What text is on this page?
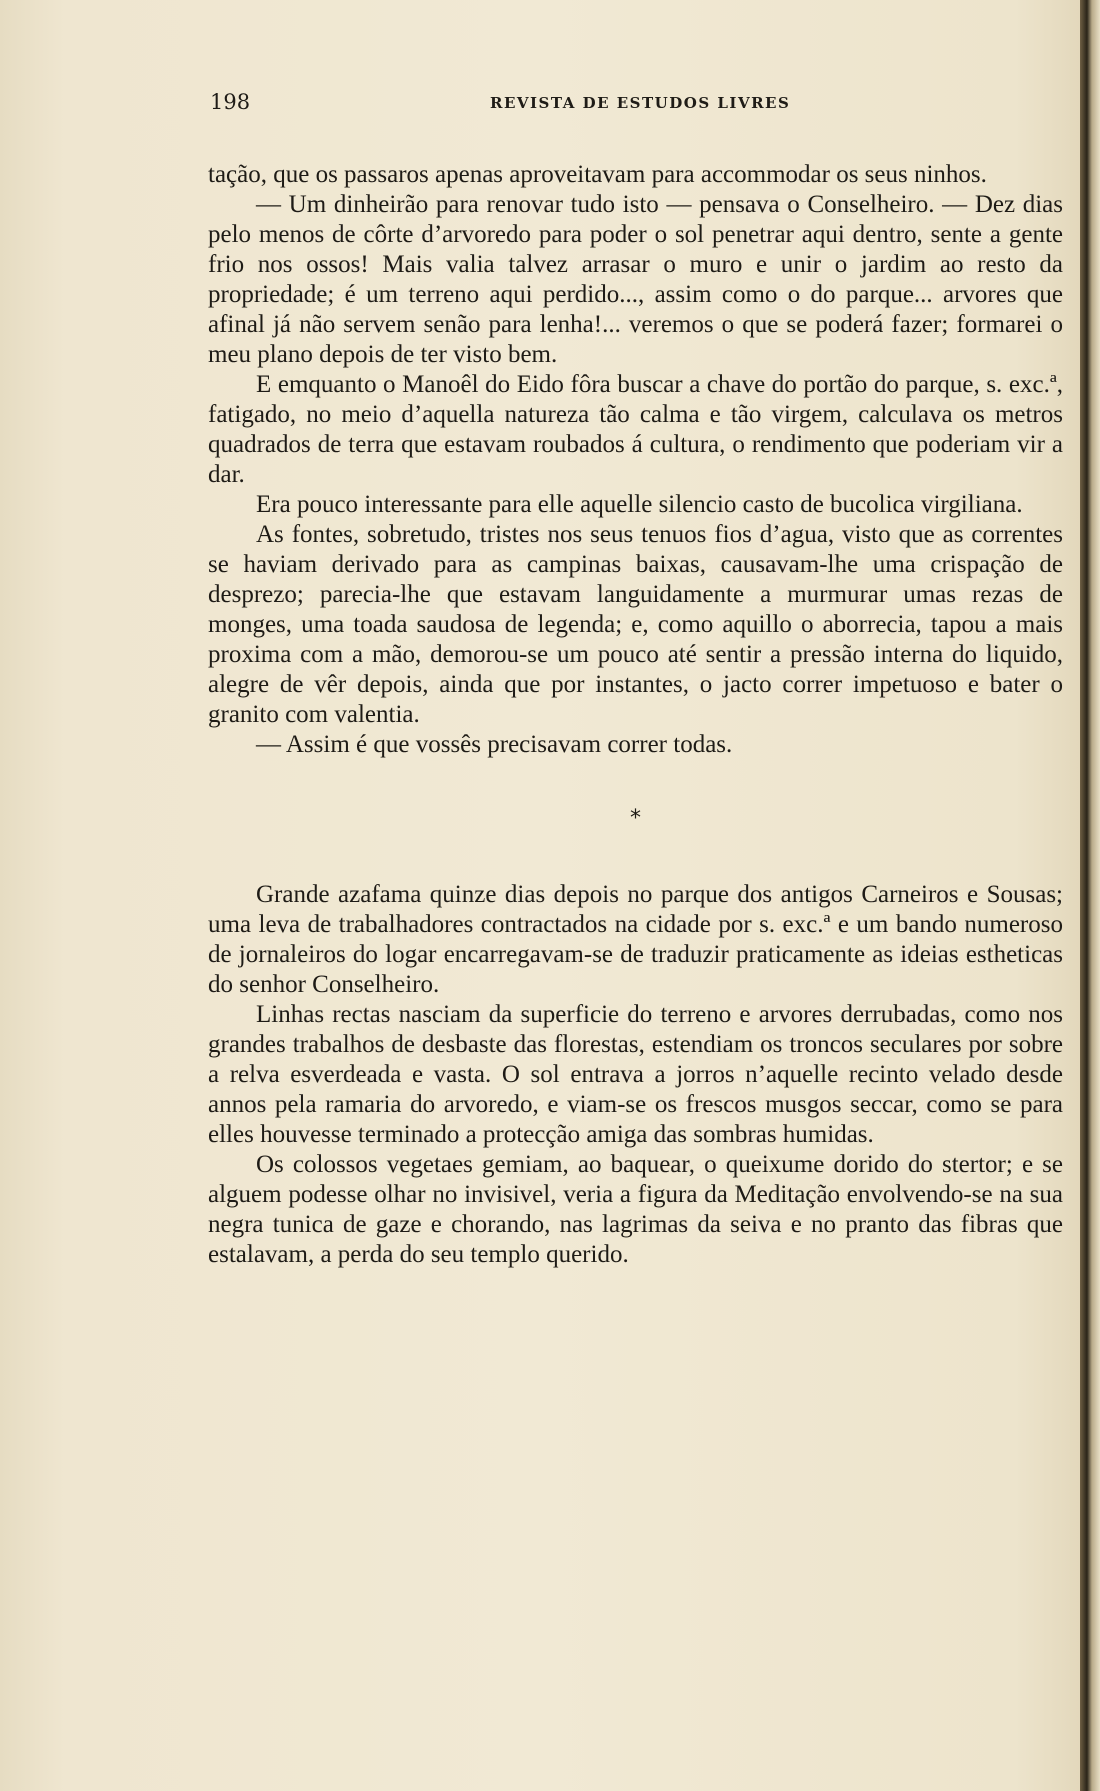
198	REVISTA DE ESTUDOS LIVRES

tação, que os passaros apenas aproveitavam para accommodar os seus ninhos.

— Um dinheirão para renovar tudo isto — pensava o Conselheiro. — Dez dias pelo menos de côrte d’arvoredo para poder o sol penetrar aqui dentro, sente a gente frio nos ossos! Mais valia talvez arrasar o muro e unir o jardim ao resto da propriedade; é um terreno aqui perdido..., assim como o do parque... arvores que afinal já não servem senão para lenha!... veremos o que se poderá fazer; formarei o meu plano depois de ter visto bem.

E emquanto o Manoêl do Eido fôra buscar a chave do portão do parque, s. exc.ª, fatigado, no meio d’aquella natureza tão calma e tão virgem, calculava os metros quadrados de terra que estavam roubados á cultura, o rendimento que poderiam vir a dar.

Era pouco interessante para elle aquelle silencio casto de bucolica virgiliana.

As fontes, sobretudo, tristes nos seus tenuos fios d’agua, visto que as correntes se haviam derivado para as campinas baixas, causavam-lhe uma crispação de desprezo; parecia-lhe que estavam languidamente a murmurar umas rezas de monges, uma toada saudosa de legenda; e, como aquillo o aborrecia, tapou a mais proxima com a mão, demorou-se um pouco até sentir a pressão interna do liquido, alegre de vêr depois, ainda que por instantes, o jacto correr impetuoso e bater o granito com valentia.

— Assim é que vossês precisavam correr todas.

*

Grande azafama quinze dias depois no parque dos antigos Carneiros e Sousas; uma leva de trabalhadores contractados na cidade por s. exc.ª e um bando numeroso de jornaleiros do logar encarregavam-se de traduzir praticamente as ideias estheticas do senhor Conselheiro.

Linhas rectas nasciam da superficie do terreno e arvores derrubadas, como nos grandes trabalhos de desbaste das florestas, estendiam os troncos seculares por sobre a relva esverdeada e vasta. O sol entrava a jorros n’aquelle recinto velado desde annos pela ramaria do arvoredo, e viam-se os frescos musgos seccar, como se para elles houvesse terminado a protecção amiga das sombras humidas.

Os colossos vegetaes gemiam, ao baquear, o queixume dorido do stertor; e se alguem podesse olhar no invisivel, veria a figura da Meditação envolvendo-se na sua negra tunica de gaze e chorando, nas lagrimas da seiva e no pranto das fibras que estalavam, a perda do seu templo querido.
